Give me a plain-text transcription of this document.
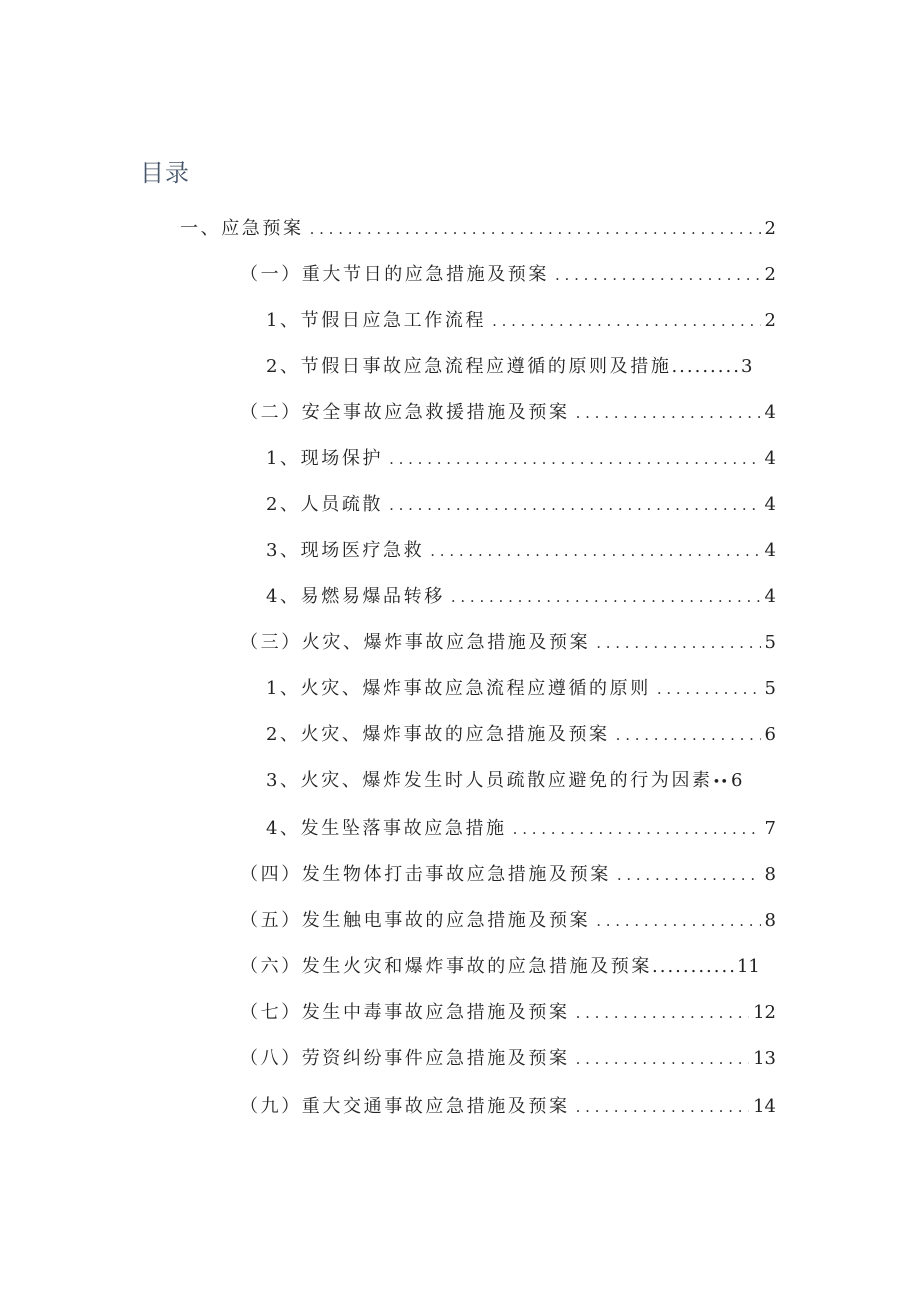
目录
一、应急预案 . . .	2
（一）重大节日的应急措施及预案 . . .	2
1、节假日应急工作流程 . . .	2
2、节假日事故应急流程应遵循的原则及措施 ......... 3
（二）安全事故应急救援措施及预案 . . .	4
1、现场保护 . . .	4
2、人员疏散 . . .	4
3、现场医疗急救 . . .	4
4、易燃易爆品转移 . . .	4
（三）火灾、爆炸事故应急措施及预案 . . .	5
1、火灾、爆炸事故应急流程应遵循的原则 . . .	5
2、火灾、爆炸事故的应急措施及预案 . . .	6
3、火灾、爆炸发生时人员疏散应避免的行为因素 •• 6
4、发生坠落事故应急措施 . . .	7
（四）发生物体打击事故应急措施及预案 . . .	8
（五）发生触电事故的应急措施及预案 . . .	8
（六）发生火灾和爆炸事故的应急措施及预案 ........... 11
（七）发生中毒事故应急措施及预案 . . .	12
（八）劳资纠纷事件应急措施及预案 . . .	13
（九）重大交通事故应急措施及预案 . . .	14
